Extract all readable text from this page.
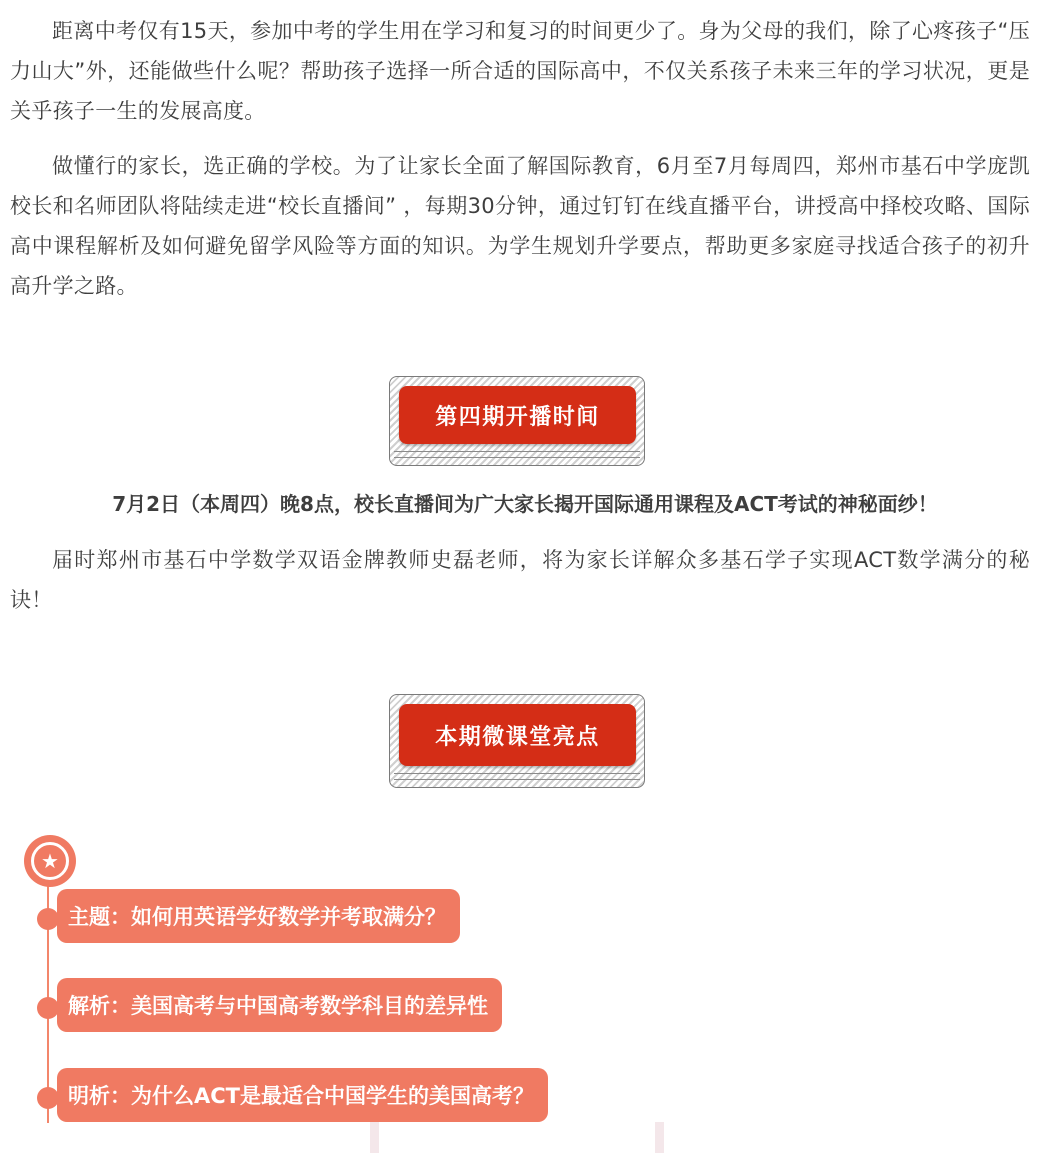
距离中考仅有15天，参加中考的学生用在学习和复习的时间更少了。身为父母的我们，除了心疼孩子“压力山大”外，还能做些什么呢？帮助孩子选择一所合适的国际高中，不仅关系孩子未来三年的学习状况，更是关乎孩子一生的发展高度。

做懂行的家长，选正确的学校。为了让家长全面了解国际教育，6月至7月每周四，郑州市基石中学庞凯校长和名师团队将陆续走进“校长直播间” ，每期30分钟，通过钉钉在线直播平台，讲授高中择校攻略、国际高中课程解析及如何避免留学风险等方面的知识。为学生规划升学要点，帮助更多家庭寻找适合孩子的初升高升学之路。

第四期开播时间
7月2日（本周四）晚8点，校长直播间为广大家长揭开国际通用课程及ACT考试的神秘面纱！

届时郑州市基石中学数学双语金牌教师史磊老师，将为家长详解众多基石学子实现ACT数学满分的秘诀！

本期微课堂亮点
★
主题：如何用英语学好数学并考取满分？
解析：美国高考与中国高考数学科目的差异性
明析：为什么ACT是最适合中国学生的美国高考？
